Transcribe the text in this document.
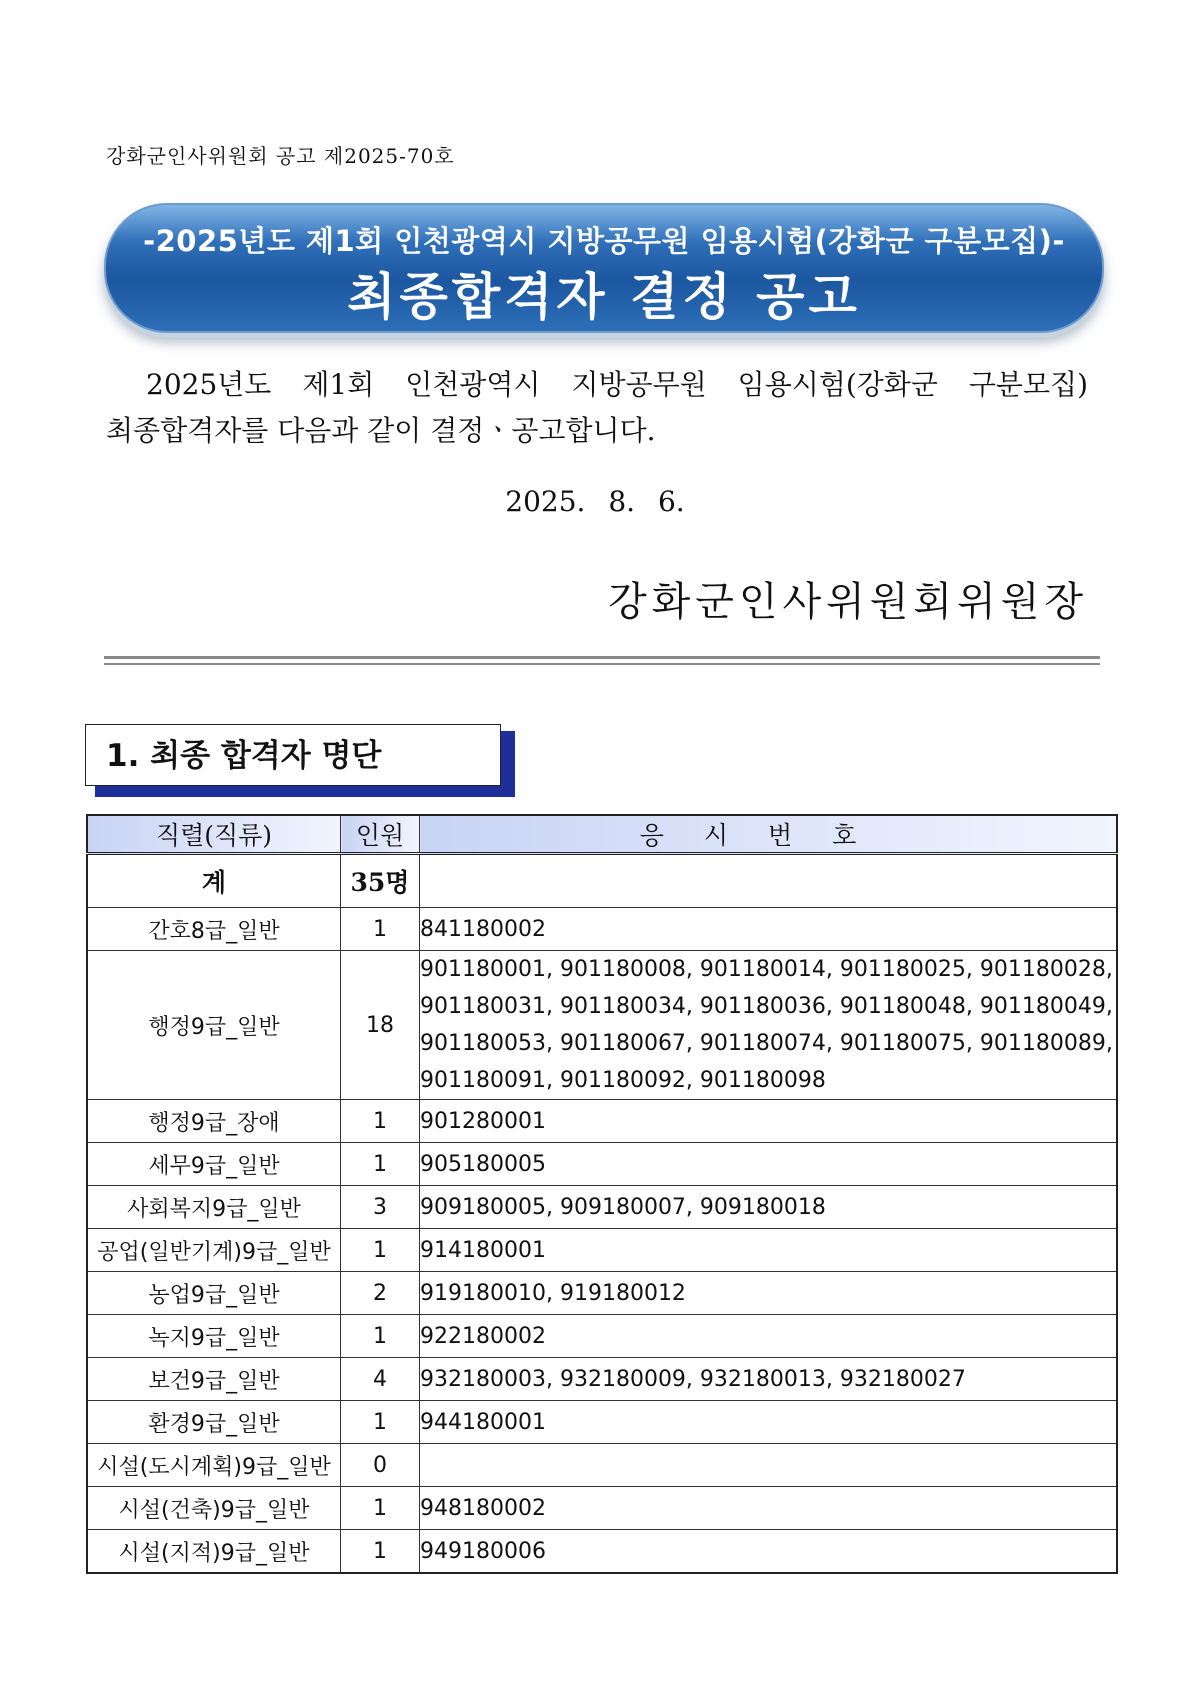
강화군인사위원회 공고 제2025-70호
-2025년도 제1회 인천광역시 지방공무원 임용시험(강화군 구분모집)-
최종합격자 결정 공고
2025년도 제1회 인천광역시 지방공무원 임용시험(강화군 구분모집)
최종합격자를 다음과 같이 결정ㆍ공고합니다.
2025. 8. 6.
강화군인사위원회위원장
1. 최종 합격자 명단
직렬(직류)	인원	응시번호
계	35명	
간호8급_일반	1	841180002
행정9급_일반	18	901180001, 901180008, 901180014, 901180025, 901180028, 901180031, 901180034, 901180036, 901180048, 901180049, 901180053, 901180067, 901180074, 901180075, 901180089, 901180091, 901180092, 901180098
행정9급_장애	1	901280001
세무9급_일반	1	905180005
사회복지9급_일반	3	909180005, 909180007, 909180018
공업(일반기계)9급_일반	1	914180001
농업9급_일반	2	919180010, 919180012
녹지9급_일반	1	922180002
보건9급_일반	4	932180003, 932180009, 932180013, 932180027
환경9급_일반	1	944180001
시설(도시계획)9급_일반	0	
시설(건축)9급_일반	1	948180002
시설(지적)9급_일반	1	949180006
